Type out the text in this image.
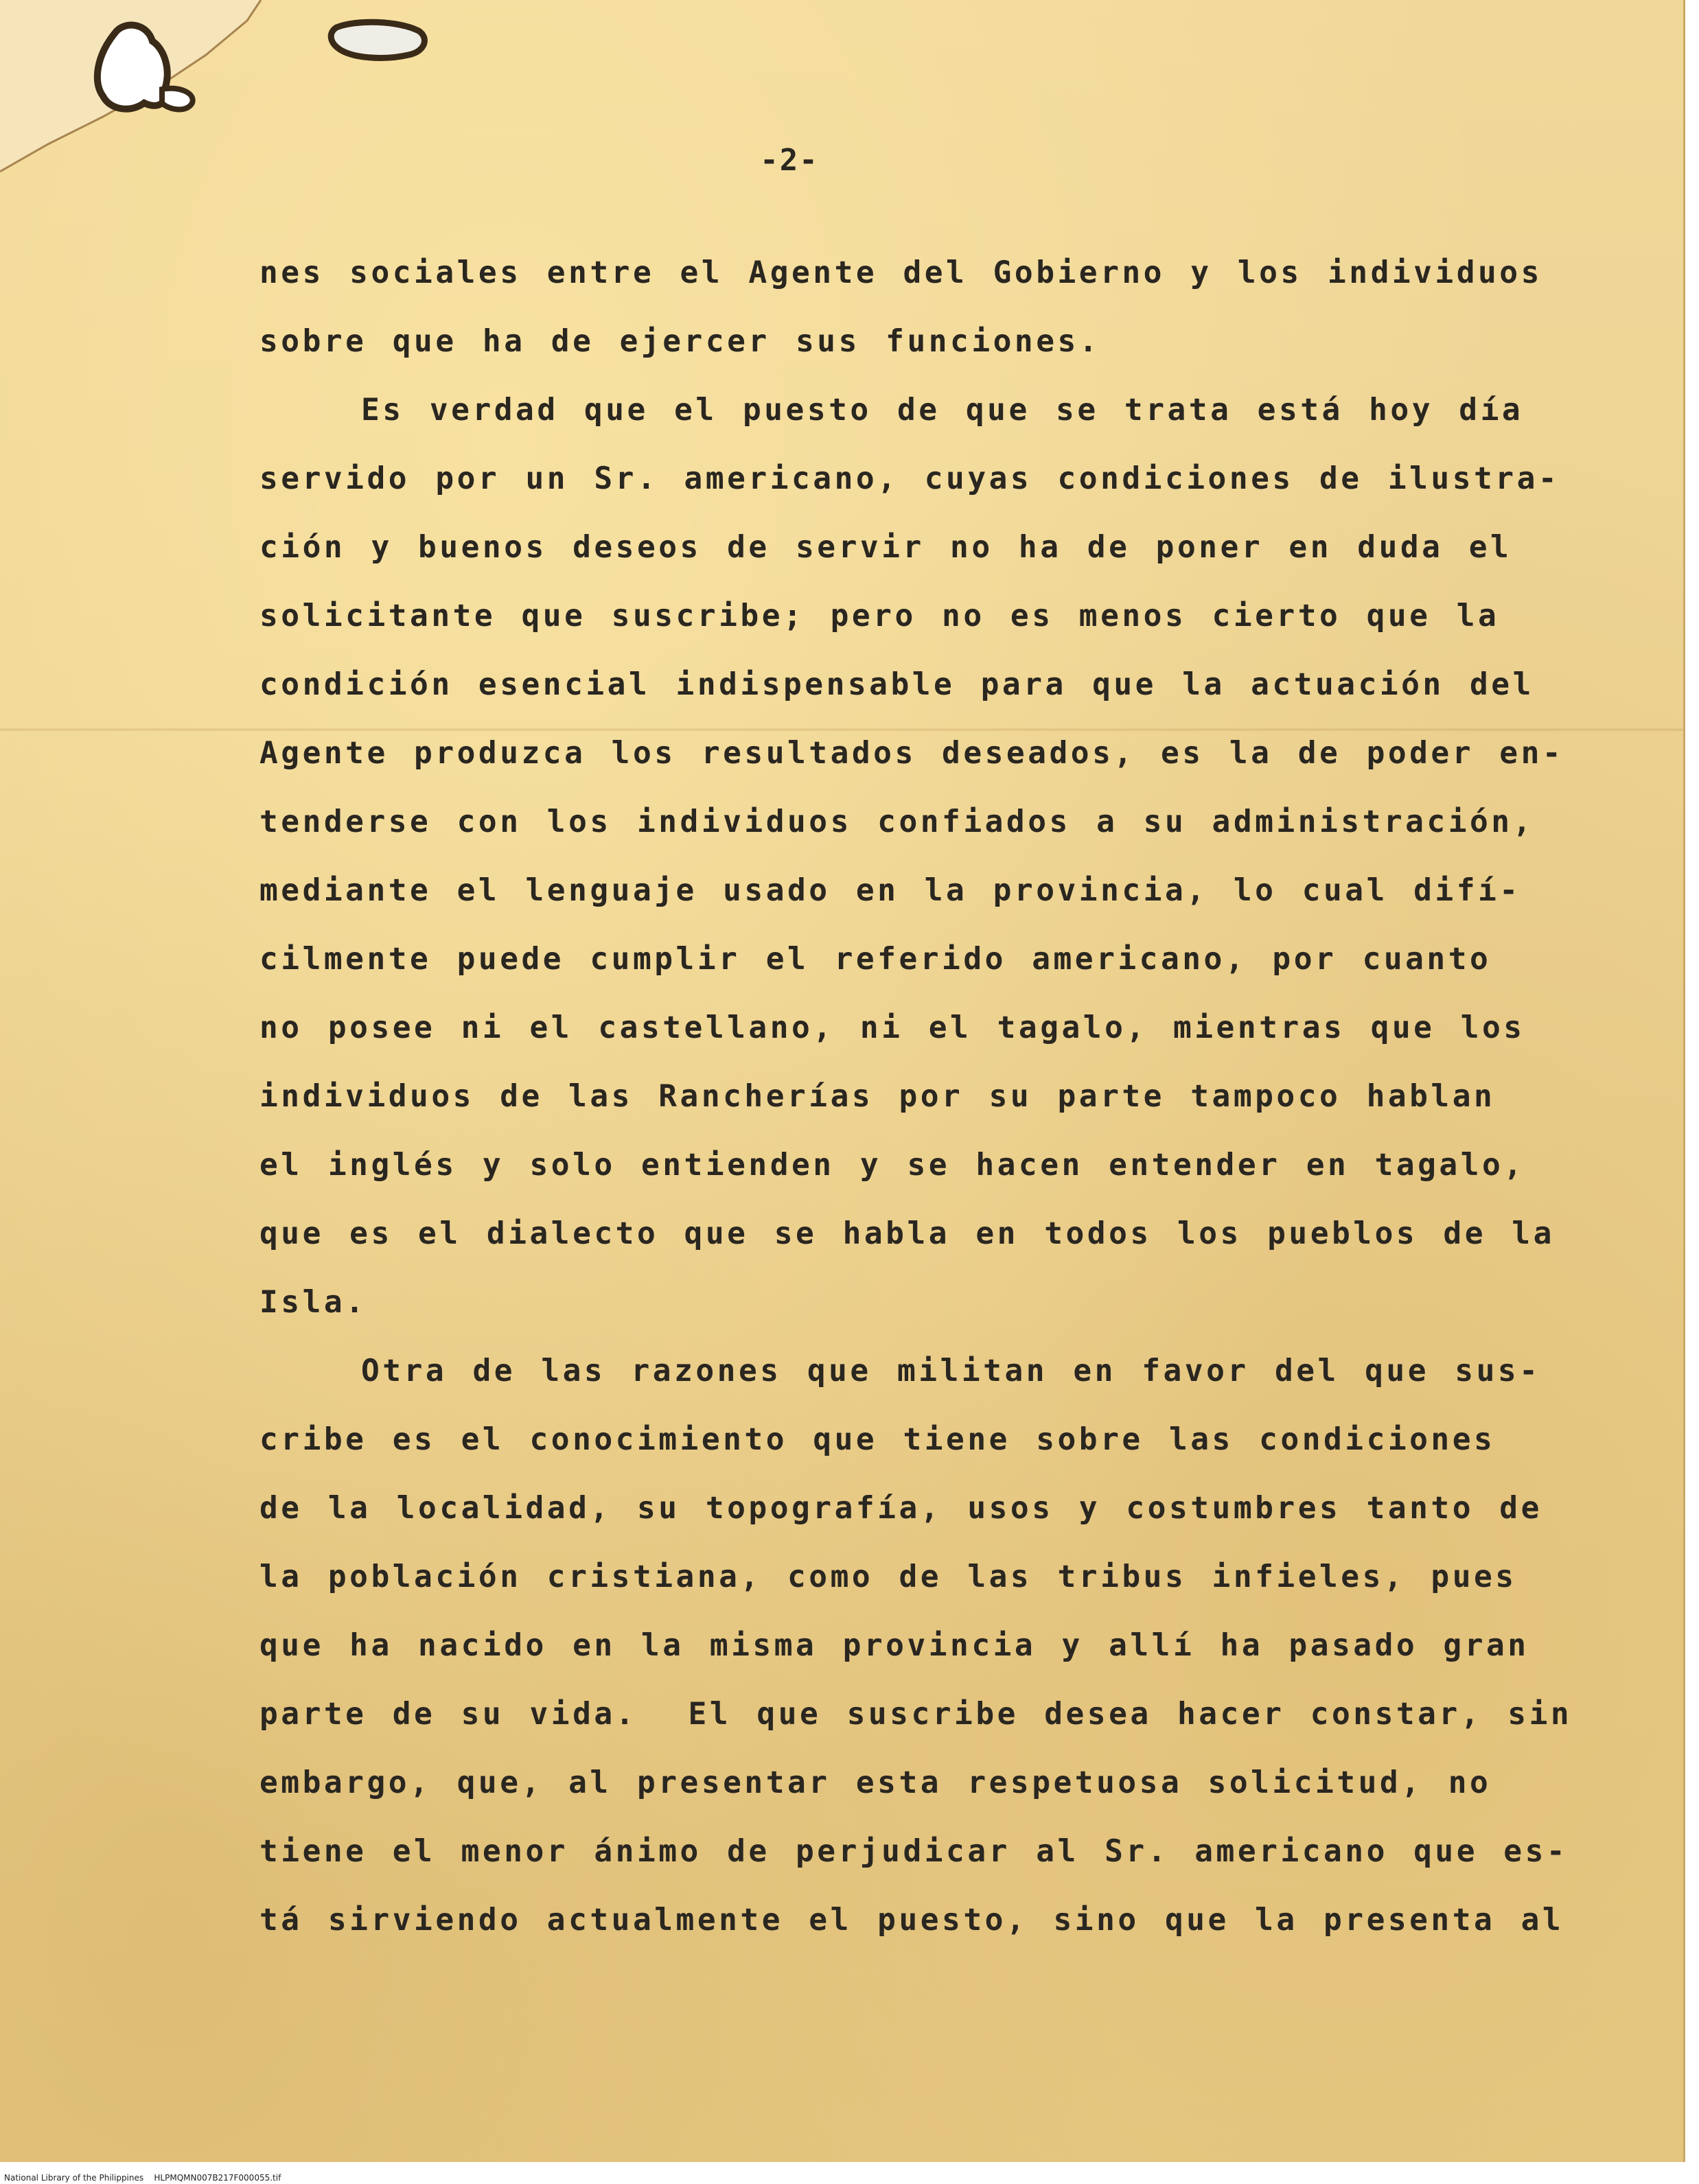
-2-
nes sociales entre el Agente del Gobierno y los individuos
sobre que ha de ejercer sus funciones.
Es verdad que el puesto de que se trata está hoy día
servido por un Sr. americano, cuyas condiciones de ilustra-
ción y buenos deseos de servir no ha de poner en duda el
solicitante que suscribe; pero no es menos cierto que la
condición esencial indispensable para que la actuación del
Agente produzca los resultados deseados, es la de poder en-
tenderse con los individuos confiados a su administración,
mediante el lenguaje usado en la provincia, lo cual difí-
cilmente puede cumplir el referido americano, por cuanto
no posee ni el castellano, ni el tagalo, mientras que los
individuos de las Rancherías por su parte tampoco hablan
el inglés y solo entienden y se hacen entender en tagalo,
que es el dialecto que se habla en todos los pueblos de la
Isla.
Otra de las razones que militan en favor del que sus-
cribe es el conocimiento que tiene sobre las condiciones
de la localidad, su topografía, usos y costumbres tanto de
la población cristiana, como de las tribus infieles, pues
que ha nacido en la misma provincia y allí ha pasado gran
parte de su vida.  El que suscribe desea hacer constar, sin
embargo, que, al presentar esta respetuosa solicitud, no
tiene el menor ánimo de perjudicar al Sr. americano que es-
tá sirviendo actualmente el puesto, sino que la presenta al
National Library of the Philippines    HLPMQMN007B217F000055.tif
